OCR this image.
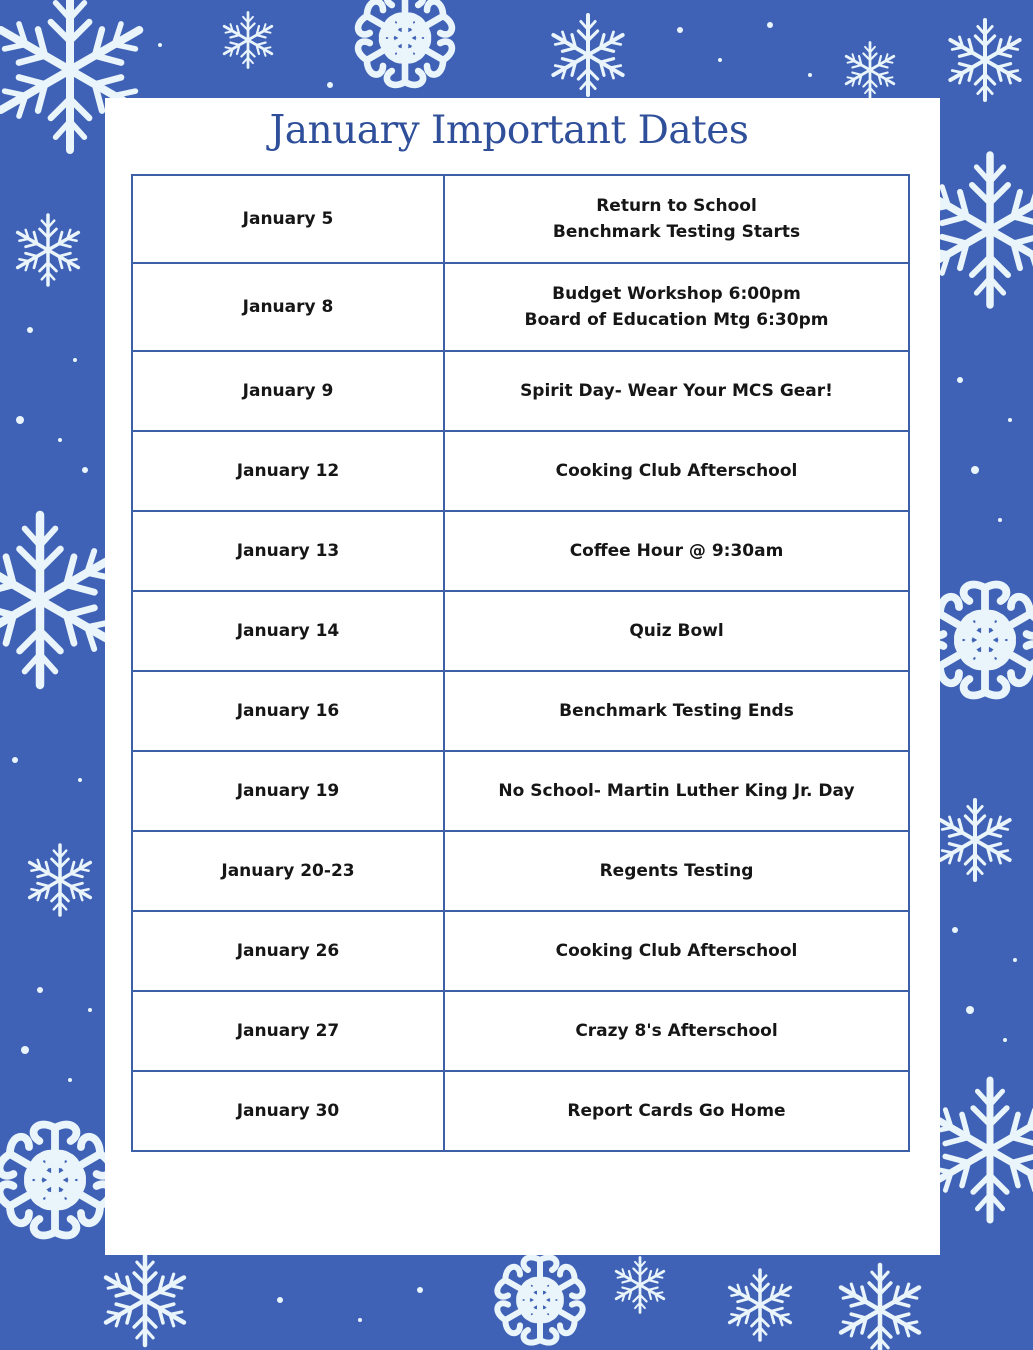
January Important Dates
January 5	Return to School
Benchmark Testing Starts

January 8	Budget Workshop 6:00pm
Board of Education Mtg 6:30pm

January 9	Spirit Day- Wear Your MCS Gear!

January 12	Cooking Club Afterschool

January 13	Coffee Hour @ 9:30am

January 14	Quiz Bowl

January 16	Benchmark Testing Ends

January 19	No School- Martin Luther King Jr. Day

January 20-23	Regents Testing

January 26	Cooking Club Afterschool

January 27	Crazy 8's Afterschool

January 30	Report Cards Go Home
